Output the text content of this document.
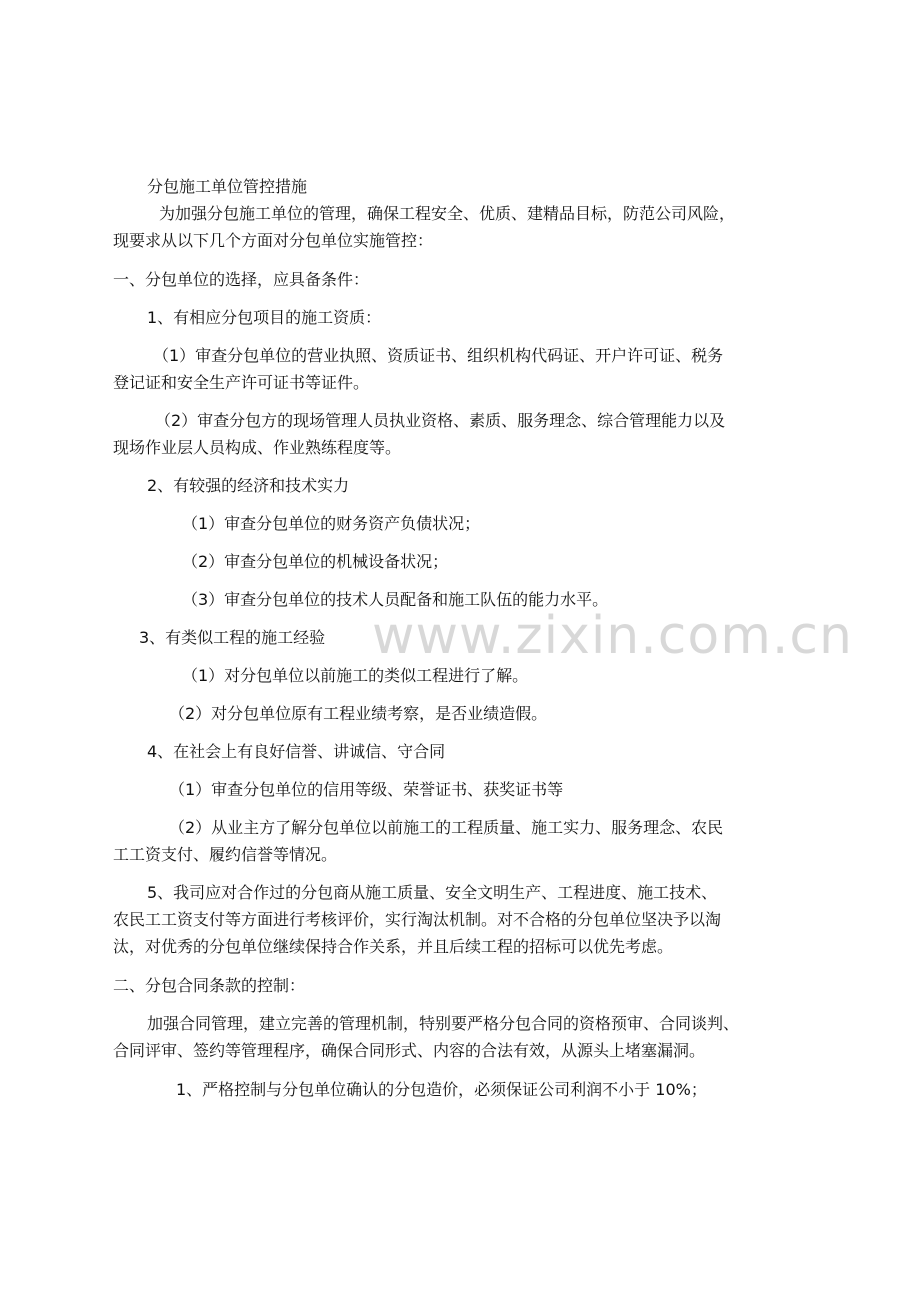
分包施工单位管控措施
为加强分包施工单位的管理，确保工程安全、优质、建精品目标，防范公司风险，
现要求从以下几个方面对分包单位实施管控：
一、分包单位的选择，应具备条件：
1、有相应分包项目的施工资质：
（1）审查分包单位的营业执照、资质证书、组织机构代码证、开户许可证、税务
登记证和安全生产许可证书等证件。
（2）审查分包方的现场管理人员执业资格、素质、服务理念、综合管理能力以及
现场作业层人员构成、作业熟练程度等。
2、有较强的经济和技术实力
（1）审查分包单位的财务资产负债状况；
（2）审查分包单位的机械设备状况；
（3）审查分包单位的技术人员配备和施工队伍的能力水平。
3、有类似工程的施工经验
（1）对分包单位以前施工的类似工程进行了解。
（2）对分包单位原有工程业绩考察，是否业绩造假。
4、在社会上有良好信誉、讲诚信、守合同
（1）审查分包单位的信用等级、荣誉证书、获奖证书等
（2）从业主方了解分包单位以前施工的工程质量、施工实力、服务理念、农民
工工资支付、履约信誉等情况。
5、我司应对合作过的分包商从施工质量、安全文明生产、工程进度、施工技术、
农民工工资支付等方面进行考核评价，实行淘汰机制。对不合格的分包单位坚决予以淘
汰，对优秀的分包单位继续保持合作关系，并且后续工程的招标可以优先考虑。
二、分包合同条款的控制：
加强合同管理，建立完善的管理机制，特别要严格分包合同的资格预审、合同谈判、
合同评审、签约等管理程序，确保合同形式、内容的合法有效，从源头上堵塞漏洞。
1、严格控制与分包单位确认的分包造价，必须保证公司利润不小于 10%；
www.zixin.com.cn
